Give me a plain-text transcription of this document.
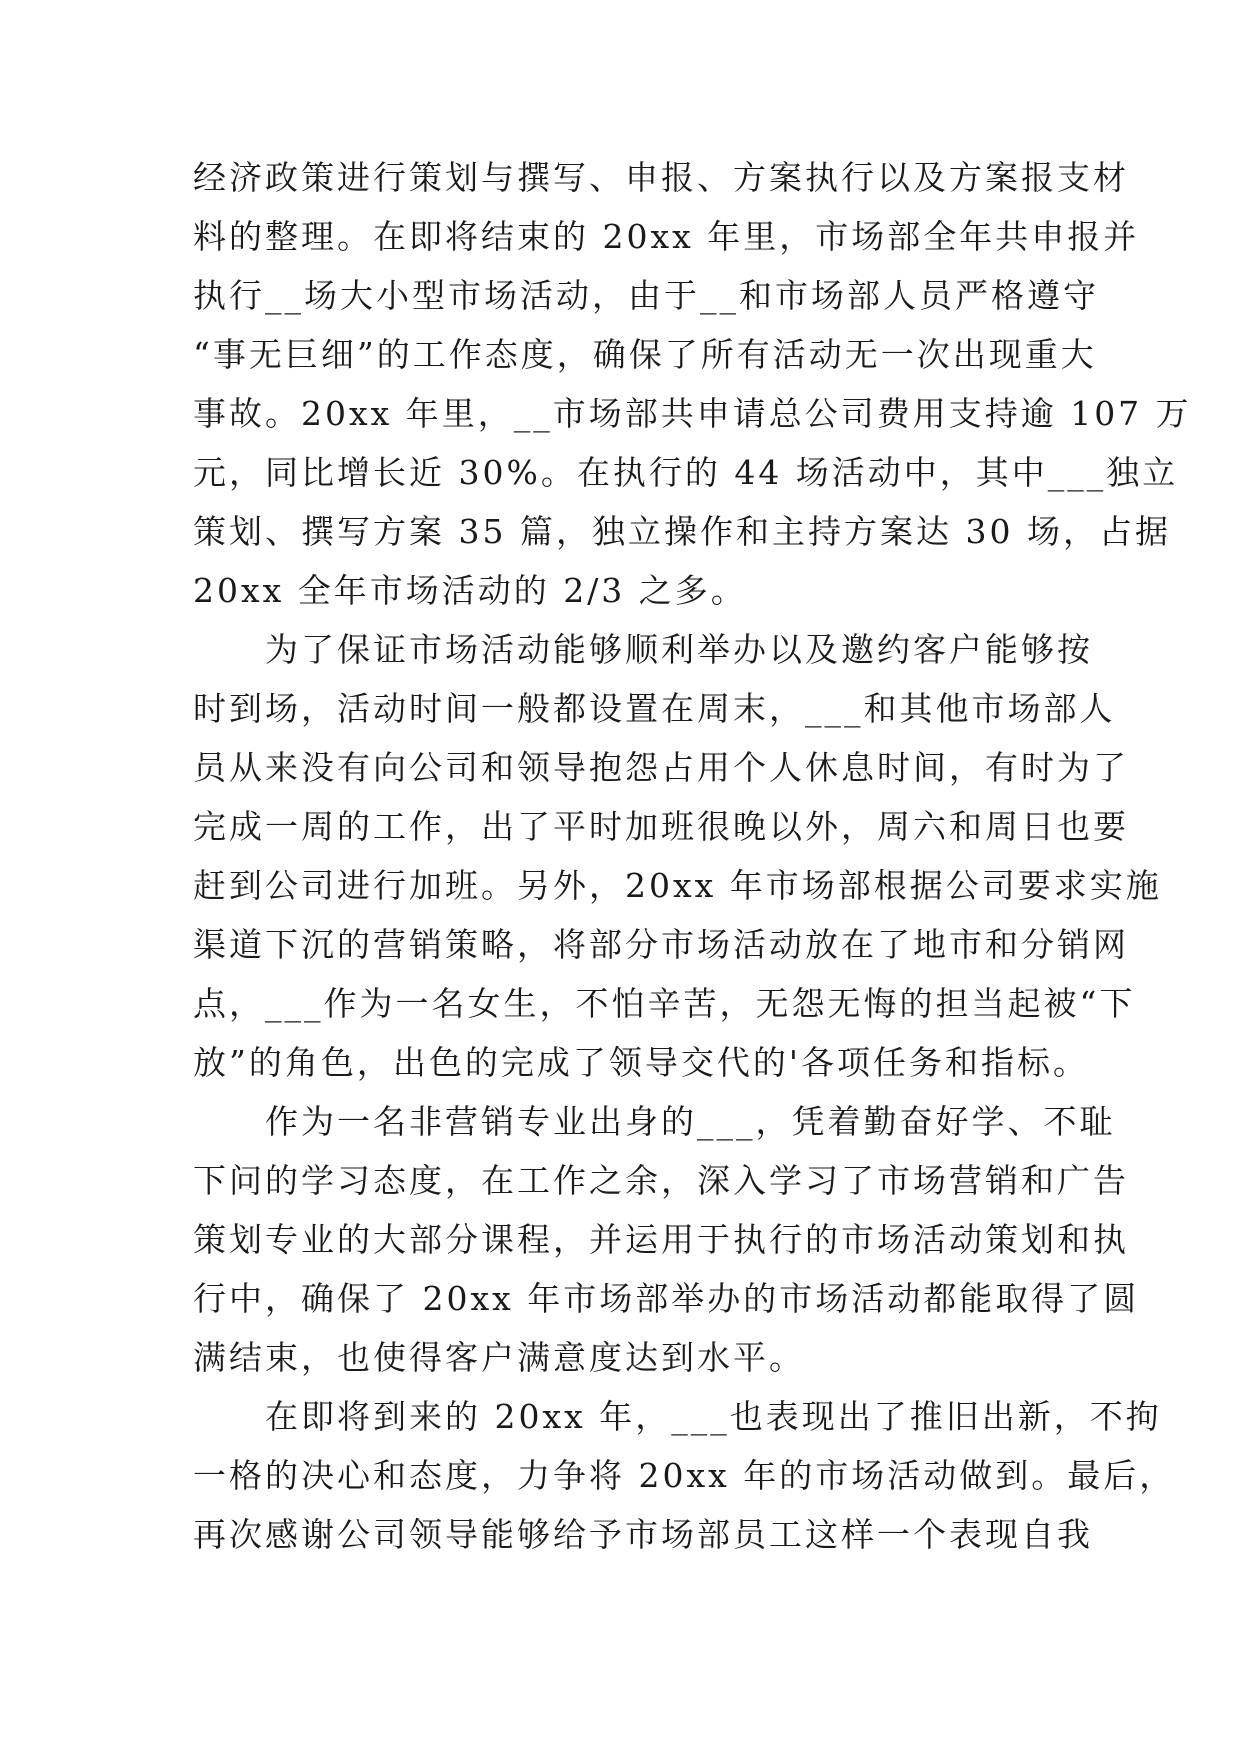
经济政策进行策划与撰写、申报、方案执行以及方案报支材
料的整理。在即将结束的 20xx 年里，市场部全年共申报并
执行__场大小型市场活动，由于__和市场部人员严格遵守
“事无巨细”的工作态度，确保了所有活动无一次出现重大
事故。20xx 年里，__市场部共申请总公司费用支持逾 107 万
元，同比增长近 30%。在执行的 44 场活动中，其中___独立
策划、撰写方案 35 篇，独立操作和主持方案达 30 场，占据
20xx 全年市场活动的 2/3 之多。
　　为了保证市场活动能够顺利举办以及邀约客户能够按
时到场，活动时间一般都设置在周末，___和其他市场部人
员从来没有向公司和领导抱怨占用个人休息时间，有时为了
完成一周的工作，出了平时加班很晚以外，周六和周日也要
赶到公司进行加班。另外，20xx 年市场部根据公司要求实施
渠道下沉的营销策略，将部分市场活动放在了地市和分销网
点，___作为一名女生，不怕辛苦，无怨无悔的担当起被“下
放”的角色，出色的完成了领导交代的'各项任务和指标。
　　作为一名非营销专业出身的___，凭着勤奋好学、不耻
下问的学习态度，在工作之余，深入学习了市场营销和广告
策划专业的大部分课程，并运用于执行的市场活动策划和执
行中，确保了 20xx 年市场部举办的市场活动都能取得了圆
满结束，也使得客户满意度达到水平。
　　在即将到来的 20xx 年，___也表现出了推旧出新，不拘
一格的决心和态度，力争将 20xx 年的市场活动做到。最后，
再次感谢公司领导能够给予市场部员工这样一个表现自我
